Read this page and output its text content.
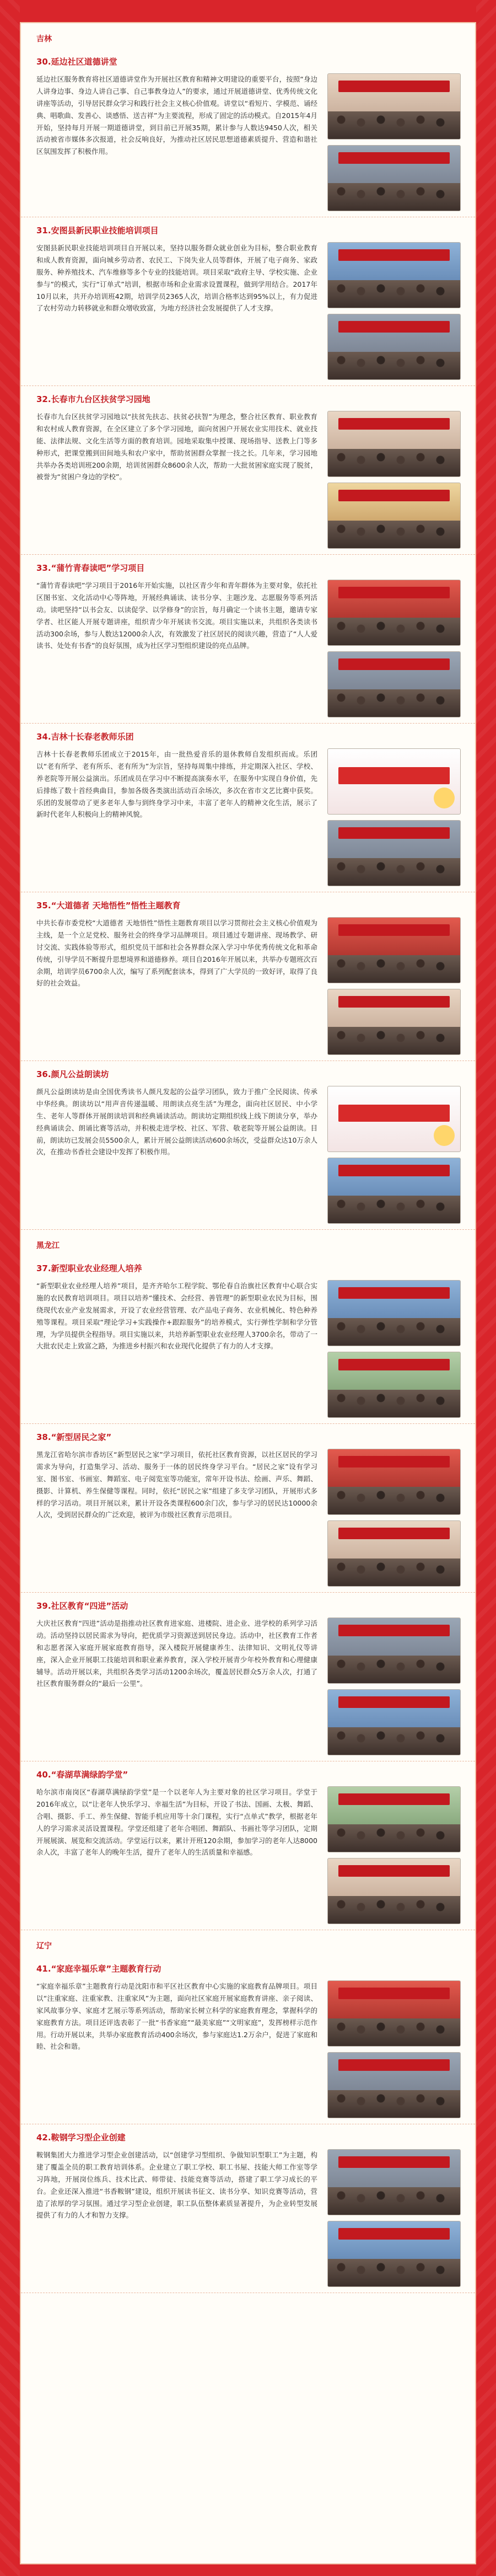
吉林

30.延边社区道德讲堂

延边社区服务教育将社区道德讲堂作为开展社区教育和精神文明建设的重要平台，按照“身边人讲身边事、身边人讲自己事、自己事教身边人”的要求，通过开展道德讲堂、优秀传统文化讲座等活动，引导居民群众学习和践行社会主义核心价值观。讲堂以“看短片、学模范、诵经典、唱歌曲、发善心、谈感悟、送吉祥”为主要流程，形成了固定的活动模式。自2015年4月开始，坚持每月开展一期道德讲堂，到目前已开展35期，累计参与人数达9450人次，相关活动被省市媒体多次报道，社会反响良好，为推动社区居民思想道德素质提升、营造和谐社区氛围发挥了积极作用。

31.安图县新民职业技能培训项目

安图县新民职业技能培训项目自开展以来，坚持以服务群众就业创业为目标，整合职业教育和成人教育资源，面向城乡劳动者、农民工、下岗失业人员等群体，开展了电子商务、家政服务、种养殖技术、汽车维修等多个专业的技能培训。项目采取“政府主导、学校实施、企业参与”的模式，实行“订单式”培训，根据市场和企业需求设置课程，做到学用结合。2017年10月以来，共开办培训班42期，培训学员2365人次，培训合格率达到95%以上，有力促进了农村劳动力转移就业和群众增收致富，为地方经济社会发展提供了人才支撑。

32.长春市九台区扶贫学习园地

长春市九台区扶贫学习园地以“扶贫先扶志、扶贫必扶智”为理念，整合社区教育、职业教育和农村成人教育资源，在全区建立了多个学习园地，面向贫困户开展农业实用技术、就业技能、法律法规、文化生活等方面的教育培训。园地采取集中授课、现场指导、送教上门等多种形式，把课堂搬到田间地头和农户家中，帮助贫困群众掌握一技之长。几年来，学习园地共举办各类培训班200余期，培训贫困群众8600余人次，帮助一大批贫困家庭实现了脱贫，被誉为“贫困户身边的学校”。

33.“蒲竹青春读吧”学习项目

“蒲竹青春读吧”学习项目于2016年开始实施，以社区青少年和青年群体为主要对象，依托社区图书室、文化活动中心等阵地，开展经典诵读、读书分享、主题沙龙、志愿服务等系列活动。读吧坚持“以书会友、以读促学、以学修身”的宗旨，每月确定一个读书主题，邀请专家学者、社区能人开展专题讲座，组织青少年开展读书交流。项目实施以来，共组织各类读书活动300余场，参与人数达12000余人次，有效激发了社区居民的阅读兴趣，营造了“人人爱读书、处处有书香”的良好氛围，成为社区学习型组织建设的亮点品牌。

34.吉林十长春老教师乐团

吉林十长春老教师乐团成立于2015年，由一批热爱音乐的退休教师自发组织而成。乐团以“老有所学、老有所乐、老有所为”为宗旨，坚持每周集中排练，并定期深入社区、学校、养老院等开展公益演出。乐团成员在学习中不断提高演奏水平，在服务中实现自身价值，先后排练了数十首经典曲目，参加各级各类演出活动百余场次，多次在省市文艺比赛中获奖。乐团的发展带动了更多老年人参与到终身学习中来，丰富了老年人的精神文化生活，展示了新时代老年人积极向上的精神风貌。

35.“大道德者 天地悟性”悟性主题教育

中共长春市委党校“大道德者 天地悟性”悟性主题教育项目以学习贯彻社会主义核心价值观为主线，是一个立足党校、服务社会的终身学习品牌项目。项目通过专题讲座、现场教学、研讨交流、实践体验等形式，组织党员干部和社会各界群众深入学习中华优秀传统文化和革命传统，引导学员不断提升思想境界和道德修养。项目自2016年开展以来，共举办专题班次百余期，培训学员6700余人次，编写了系列配套读本，得到了广大学员的一致好评，取得了良好的社会效益。

36.颜凡公益朗读坊

颜凡公益朗读坊是由全国优秀读书人颜凡发起的公益学习团队，致力于推广全民阅读、传承中华经典。朗读坊以“用声音传递温暖、用朗读点亮生活”为理念，面向社区居民、中小学生、老年人等群体开展朗读培训和经典诵读活动。朗读坊定期组织线上线下朗读分享，举办经典诵读会、朗诵比赛等活动，并积极走进学校、社区、军营、敬老院等开展公益朗读。目前，朗读坊已发展会员5500余人，累计开展公益朗读活动600余场次，受益群众达10万余人次，在推动书香社会建设中发挥了积极作用。

黑龙江

37.新型职业农业经理人培养

“新型职业农业经理人培养”项目，是齐齐哈尔工程学院、鄂伦春自治旗社区教育中心联合实施的农民教育培训项目。项目以培养“懂技术、会经营、善管理”的新型职业农民为目标，围绕现代农业产业发展需求，开设了农业经营管理、农产品电子商务、农业机械化、特色种养殖等课程。项目采取“理论学习+实践操作+跟踪服务”的培养模式，实行弹性学制和学分管理，为学员提供全程指导。项目实施以来，共培养新型职业农业经理人3700余名，带动了一大批农民走上致富之路，为推进乡村振兴和农业现代化提供了有力的人才支撑。

38.“新型居民之家”

黑龙江省哈尔滨市香坊区“新型居民之家”学习项目，依托社区教育资源，以社区居民的学习需求为导向，打造集学习、活动、服务于一体的居民终身学习平台。“居民之家”设有学习室、图书室、书画室、舞蹈室、电子阅览室等功能室，常年开设书法、绘画、声乐、舞蹈、摄影、计算机、养生保健等课程。同时，依托“居民之家”组建了多支学习团队，开展形式多样的学习活动。项目开展以来，累计开设各类课程600余门次，参与学习的居民达10000余人次，受到居民群众的广泛欢迎，被评为市级社区教育示范项目。

39.社区教育“四进”活动

大庆社区教育“四进”活动是指推动社区教育进家庭、进楼院、进企业、进学校的系列学习活动。活动坚持以居民需求为导向，把优质学习资源送到居民身边。活动中，社区教育工作者和志愿者深入家庭开展家庭教育指导，深入楼院开展健康养生、法律知识、文明礼仪等讲座，深入企业开展职工技能培训和职业素养教育，深入学校开展青少年校外教育和心理健康辅导。活动开展以来，共组织各类学习活动1200余场次，覆盖居民群众5万余人次，打通了社区教育服务群众的“最后一公里”。

40.“春湖草满绿韵学堂”

哈尔滨市南岗区“春湖草满绿韵学堂”是一个以老年人为主要对象的社区学习项目。学堂于2016年成立，以“让老年人快乐学习、幸福生活”为目标，开设了书法、国画、太极、舞蹈、合唱、摄影、手工、养生保健、智能手机应用等十余门课程，实行“点单式”教学，根据老年人的学习需求灵活设置课程。学堂还组建了老年合唱团、舞蹈队、书画社等学习团队，定期开展展演、展览和交流活动。学堂运行以来，累计开班120余期，参加学习的老年人达8000余人次，丰富了老年人的晚年生活，提升了老年人的生活质量和幸福感。

辽宁

41.“家庭幸福乐章”主题教育行动

“家庭幸福乐章”主题教育行动是沈阳市和平区社区教育中心实施的家庭教育品牌项目。项目以“注重家庭、注重家教、注重家风”为主题，面向社区家庭开展家庭教育讲座、亲子阅读、家风故事分享、家庭才艺展示等系列活动，帮助家长树立科学的家庭教育理念，掌握科学的家庭教育方法。项目还评选表彰了一批“书香家庭”“最美家庭”“文明家庭”，发挥榜样示范作用。行动开展以来，共举办家庭教育活动400余场次，参与家庭达1.2万余户，促进了家庭和睦、社会和谐。

42.鞍钢学习型企业创建

鞍钢集团大力推进学习型企业创建活动，以“创建学习型组织、争做知识型职工”为主题，构建了覆盖全员的职工教育培训体系。企业建立了职工学校、职工书屋、技能大师工作室等学习阵地，开展岗位练兵、技术比武、师带徒、技能竞赛等活动，搭建了职工学习成长的平台。企业还深入推进“书香鞍钢”建设，组织开展读书征文、读书分享、知识竞赛等活动，营造了浓厚的学习氛围。通过学习型企业创建，职工队伍整体素质显著提升，为企业转型发展提供了有力的人才和智力支撑。
